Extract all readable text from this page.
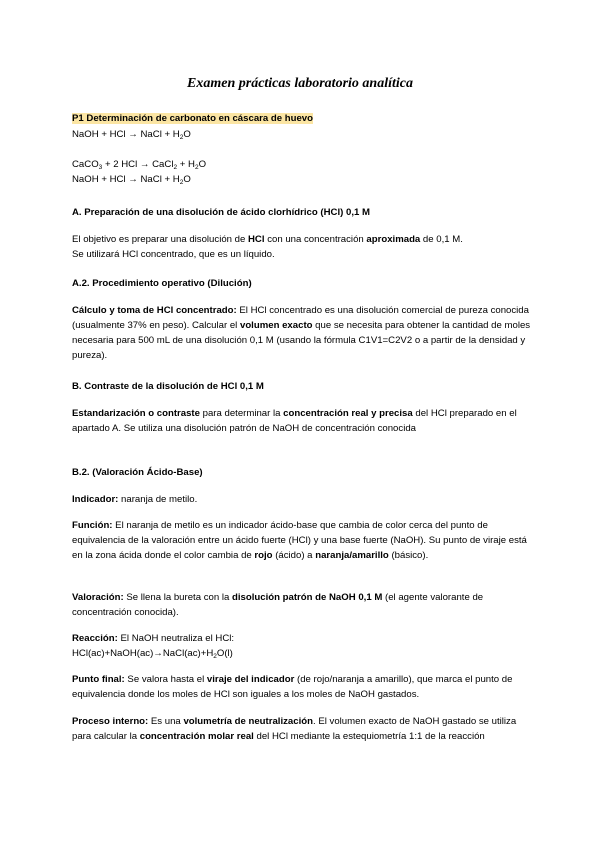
Examen prácticas laboratorio analítica
P1 Determinación de carbonato en cáscara de huevo
NaOH + HCl → NaCl + $H_2O$
CaCO$_3$ + 2 HCl → CaCl$_2$ + $H_2O$
NaOH + HCl → NaCl + $H_2O$
A. Preparación de una disolución de ácido clorhídrico (HCl) 0,1 M
El objetivo es preparar una disolución de HCl con una concentración aproximada de 0,1 M.
Se utilizará HCl concentrado, que es un líquido.
A.2. Procedimiento operativo (Dilución)
Cálculo y toma de HCl concentrado: El HCl concentrado es una disolución comercial de pureza conocida (usualmente 37% en peso). Calcular el volumen exacto que se necesita para obtener la cantidad de moles necesaria para 500 mL de una disolución 0,1 M (usando la fórmula C1V1=C2V2 o a partir de la densidad y pureza).
B. Contraste de la disolución de HCl 0,1 M
Estandarización o contraste para determinar la concentración real y precisa del HCl preparado en el apartado A. Se utiliza una disolución patrón de NaOH de concentración conocida
B.2. (Valoración Ácido-Base)
Indicador: naranja de metilo.
Función: El naranja de metilo es un indicador ácido-base que cambia de color cerca del punto de equivalencia de la valoración entre un ácido fuerte (HCl) y una base fuerte (NaOH). Su punto de viraje está en la zona ácida donde el color cambia de rojo (ácido) a naranja/amarillo (básico).
Valoración: Se llena la bureta con la disolución patrón de NaOH 0,1 M (el agente valorante de concentración conocida).
Reacción: El NaOH neutraliza el HCl:
$HCl(ac)+NaOH(ac)\to NaCl(ac)+H_2O(l)$
Punto final: Se valora hasta el viraje del indicador (de rojo/naranja a amarillo), que marca el punto de equivalencia donde los moles de HCl son iguales a los moles de NaOH gastados.
Proceso interno: Es una volumetría de neutralización. El volumen exacto de NaOH gastado se utiliza para calcular la concentración molar real del HCl mediante la estequiometría 1:1 de la reacción
